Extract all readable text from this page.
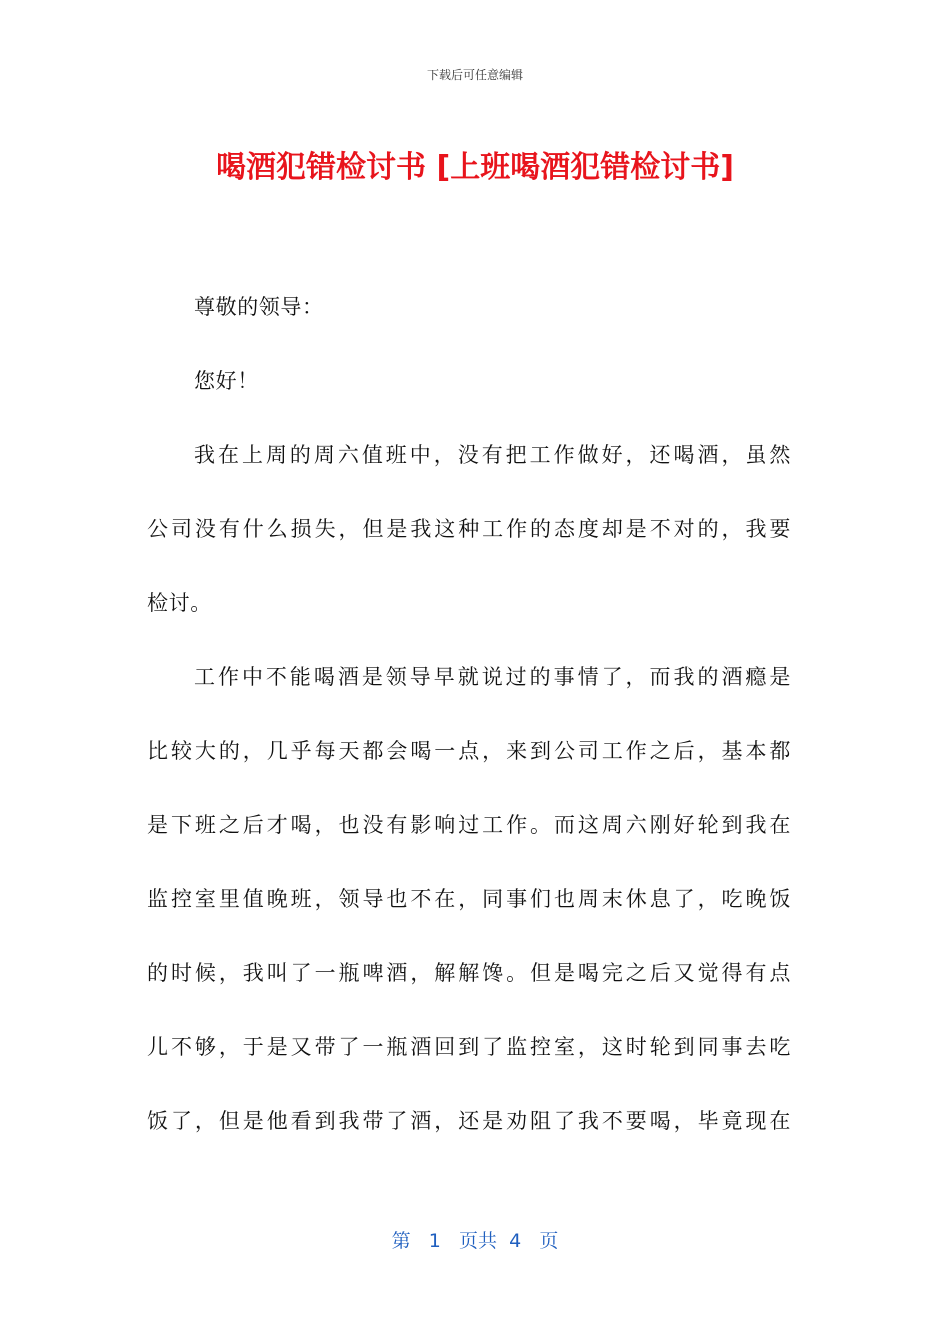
下载后可任意编辑
喝酒犯错检讨书 [上班喝酒犯错检讨书]
尊敬的领导：
您好！
我在上周的周六值班中，没有把工作做好，还喝酒，虽然
公司没有什么损失，但是我这种工作的态度却是不对的，我要
检讨。
工作中不能喝酒是领导早就说过的事情了，而我的酒瘾是
比较大的，几乎每天都会喝一点，来到公司工作之后，基本都
是下班之后才喝，也没有影响过工作。而这周六刚好轮到我在
监控室里值晚班，领导也不在，同事们也周末休息了，吃晚饭
的时候，我叫了一瓶啤酒，解解馋。但是喝完之后又觉得有点
儿不够，于是又带了一瓶酒回到了监控室，这时轮到同事去吃
饭了，但是他看到我带了酒，还是劝阻了我不要喝，毕竟现在
第 1 页共 4 页
